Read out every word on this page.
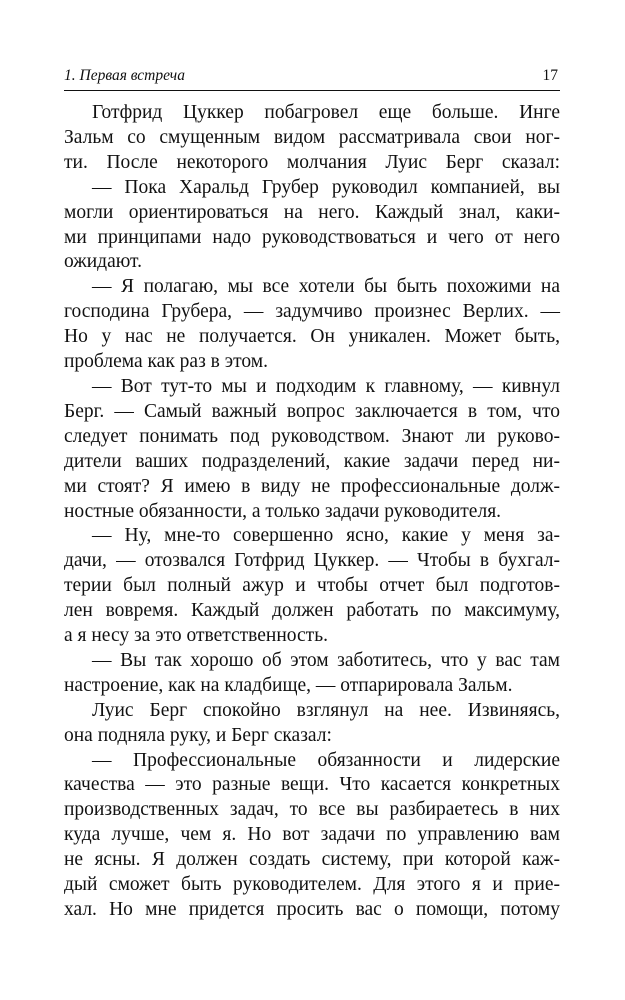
1. Первая встреча	17

Готфрид Цуккер побагровел еще больше. Инге
Зальм со смущенным видом рассматривала свои ног-
ти. После некоторого молчания Луис Берг сказал:

— Пока Харальд Грубер руководил компанией, вы
могли ориентироваться на него. Каждый знал, каки-
ми принципами надо руководствоваться и чего от него
ожидают.

— Я полагаю, мы все хотели бы быть похожими на
господина Грубера, — задумчиво произнес Верлих. —
Но у нас не получается. Он уникален. Может быть,
проблема как раз в этом.

— Вот тут-то мы и подходим к главному, — кивнул
Берг. — Самый важный вопрос заключается в том, что
следует понимать под руководством. Знают ли руково-
дители ваших подразделений, какие задачи перед ни-
ми стоят? Я имею в виду не профессиональные долж-
ностные обязанности, а только задачи руководителя.

— Ну, мне-то совершенно ясно, какие у меня за-
дачи, — отозвался Готфрид Цуккер. — Чтобы в бухгал-
терии был полный ажур и чтобы отчет был подготов-
лен вовремя. Каждый должен работать по максимуму,
а я несу за это ответственность.

— Вы так хорошо об этом заботитесь, что у вас там
настроение, как на кладбище, — отпарировала Зальм.

Луис Берг спокойно взглянул на нее. Извиняясь,
она подняла руку, и Берг сказал:

— Профессиональные обязанности и лидерские
качества — это разные вещи. Что касается конкретных
производственных задач, то все вы разбираетесь в них
куда лучше, чем я. Но вот задачи по управлению вам
не ясны. Я должен создать систему, при которой каж-
дый сможет быть руководителем. Для этого я и прие-
хал. Но мне придется просить вас о помощи, потому
